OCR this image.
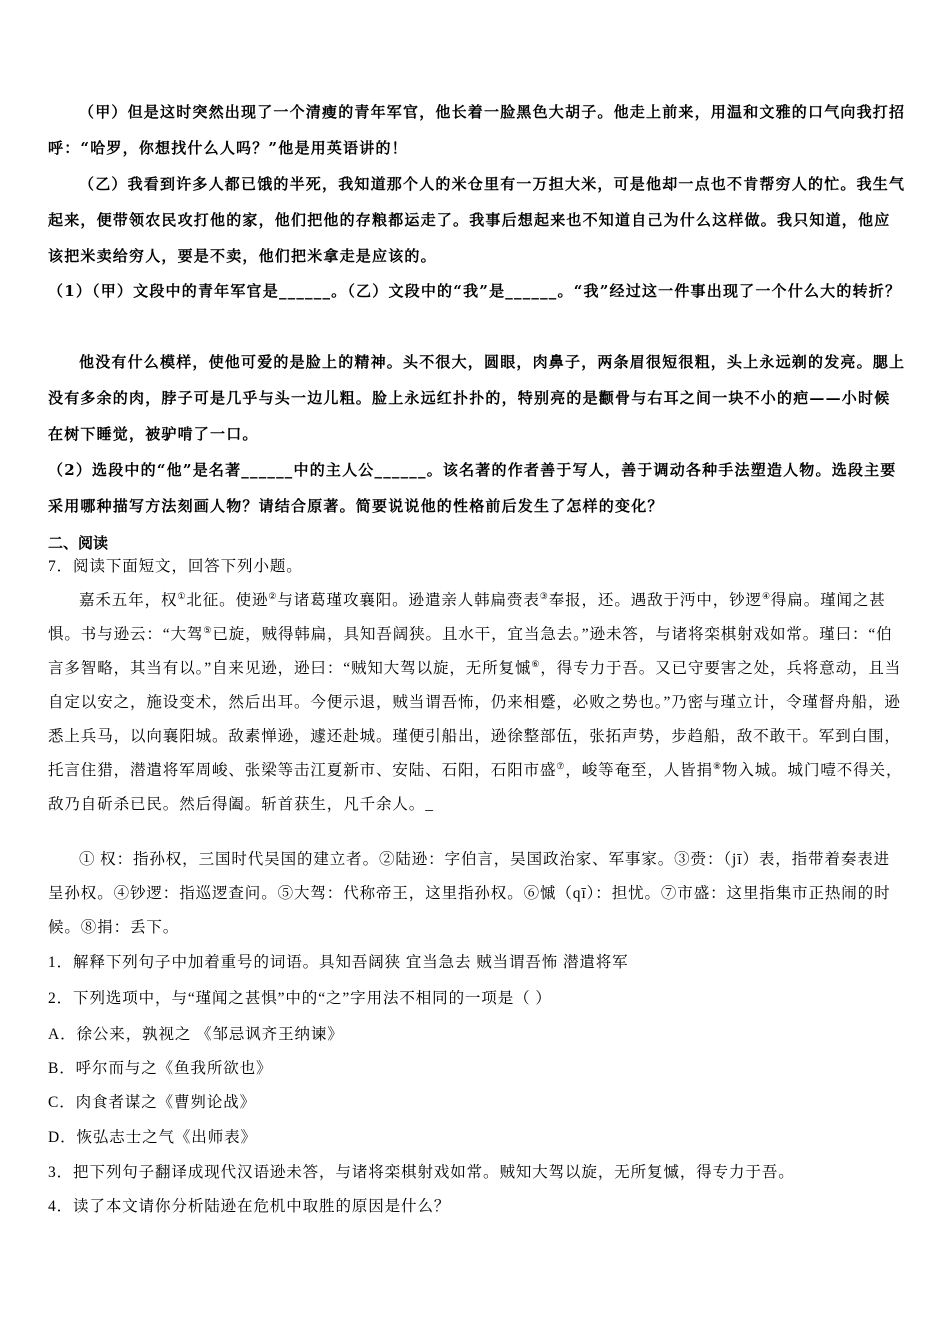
（甲）但是这时突然出现了一个清瘦的青年军官，他长着一脸黑色大胡子。他走上前来，用温和文雅的口气向我打招呼：“哈罗，你想找什么人吗？”他是用英语讲的！

（乙）我看到许多人都已饿的半死，我知道那个人的米仓里有一万担大米，可是他却一点也不肯帮穷人的忙。我生气起来，便带领农民攻打他的家，他们把他的存粮都运走了。我事后想起来也不知道自己为什么这样做。我只知道，他应该把米卖给穷人，要是不卖，他们把米拿走是应该的。

（1）（甲）文段中的青年军官是______。（乙）文段中的“我”是______。“我”经过这一件事出现了一个什么大的转折？

他没有什么模样，使他可爱的是脸上的精神。头不很大，圆眼，肉鼻子，两条眉很短很粗，头上永远剃的发亮。腮上没有多余的肉，脖子可是几乎与头一边儿粗。脸上永远红扑扑的，特别亮的是颧骨与右耳之间一块不小的疤——小时候在树下睡觉，被驴啃了一口。

（2）选段中的“他”是名著______中的主人公______。该名著的作者善于写人，善于调动各种手法塑造人物。选段主要采用哪种描写方法刻画人物？请结合原著。简要说说他的性格前后发生了怎样的变化？

二、阅读

7．阅读下面短文，回答下列小题。

嘉禾五年，权①北征。使逊②与诸葛瑾攻襄阳。逊遣亲人韩扁赍表③奉报，还。遇敌于沔中，钞逻④得扁。瑾闻之甚惧。书与逊云：“大驾⑤已旋，贼得韩扁，具知吾阔狭。且水干，宜当急去。”逊未答，与诸将栾棋射戏如常。瑾曰：“伯言多智略，其当有以。”自来见逊，逊曰：“贼知大驾以旋，无所复慽⑥，得专力于吾。又已守要害之处，兵将意动，且当自定以安之，施设变术，然后出耳。今便示退，贼当谓吾怖，仍来相蹙，必败之势也。”乃密与瑾立计，令瑾督舟船，逊悉上兵马，以向襄阳城。敌素惮逊，遽还赴城。瑾便引船出，逊徐整部伍，张拓声势，步趋船，敌不敢干。军到白围，托言住猎，潜遣将军周峻、张梁等击江夏新市、安陆、石阳，石阳市盛⑦，峻等奄至，人皆捐⑧物入城。城门噎不得关，敌乃自斫杀已民。然后得阖。斩首获生，凡千余人。_

① 权：指孙权，三国时代吴国的建立者。②陆逊：字伯言，吴国政治家、军事家。③赍：（jī）表，指带着奏表进呈孙权。④钞逻：指巡逻查问。⑤大驾：代称帝王，这里指孙权。⑥慽（qī）：担忧。⑦市盛：这里指集市正热闹的时候。⑧捐：丢下。

1．解释下列句子中加着重号的词语。具知吾阔狭 宜当急去 贼当谓吾怖 潜遣将军

2．下列选项中，与“瑾闻之甚惧”中的“之”字用法不相同的一项是（ ）

A．徐公来，孰视之 《邹忌讽齐王纳谏》

B．呼尔而与之《鱼我所欲也》

C．肉食者谋之《曹刿论战》

D．恢弘志士之气《出师表》

3．把下列句子翻译成现代汉语逊未答，与诸将栾棋射戏如常。贼知大驾以旋，无所复慽，得专力于吾。

4．读了本文请你分析陆逊在危机中取胜的原因是什么？
